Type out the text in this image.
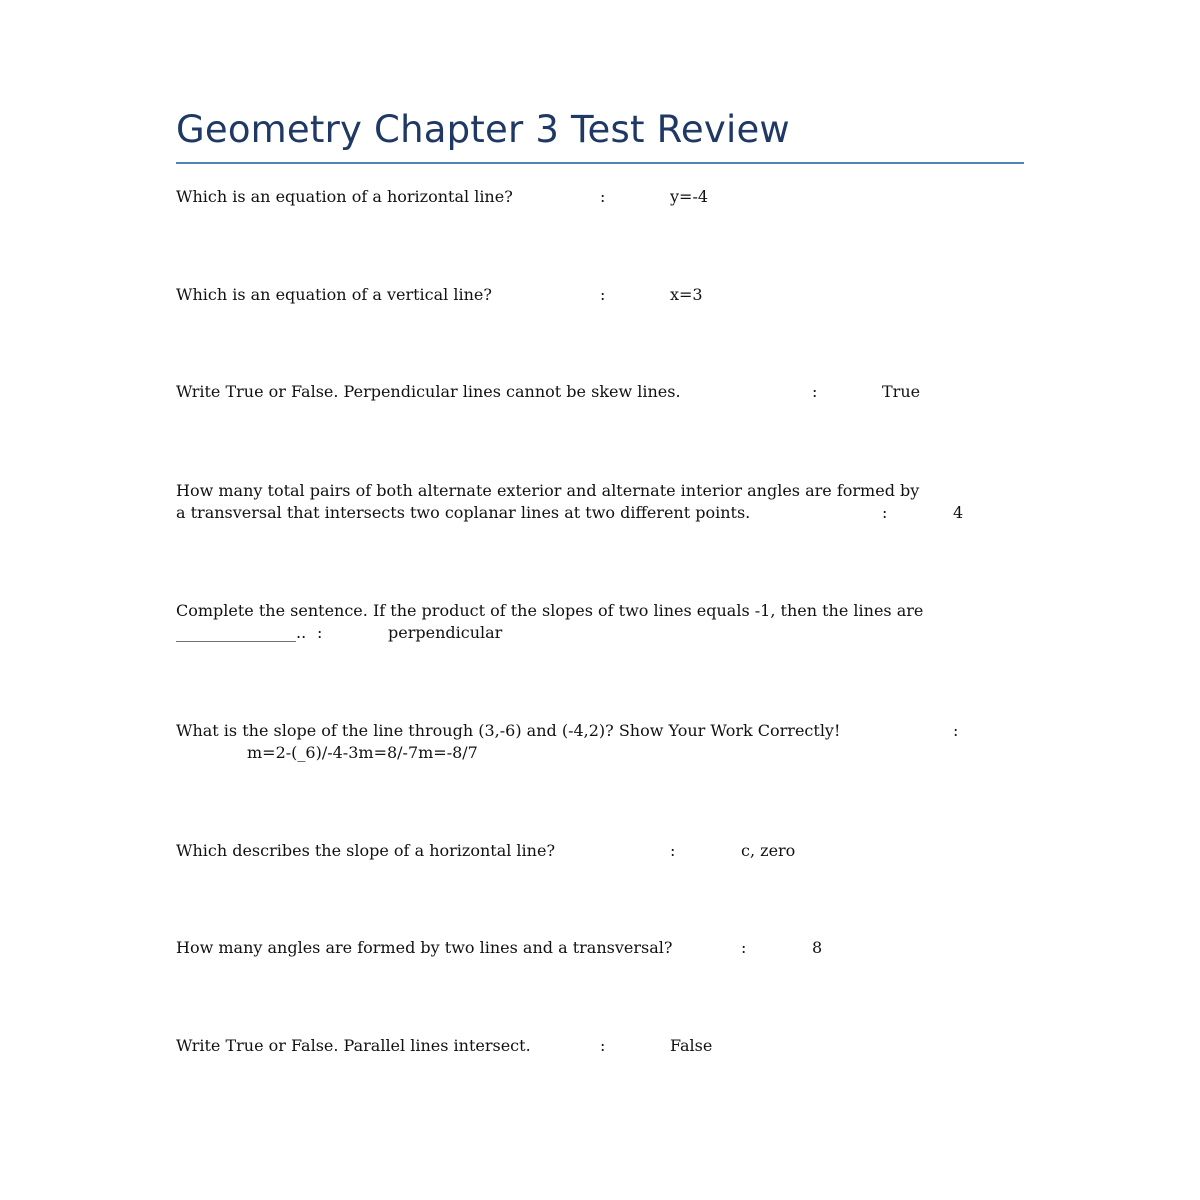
Geometry Chapter 3 Test Review
Which is an equation of a horizontal line?	:	y=-4
Which is an equation of a vertical line?	:	x=3
Write True or False. Perpendicular lines cannot be skew lines.	:	True
How many total pairs of both alternate exterior and alternate interior angles are formed by
a transversal that intersects two coplanar lines at two different points.	:	4
Complete the sentence. If the product of the slopes of two lines equals -1, then the lines are
_______________.. :	perpendicular
What is the slope of the line through (3,-6) and (-4,2)? Show Your Work Correctly!	:
m=2-(_6)/-4-3m=8/-7m=-8/7
Which describes the slope of a horizontal line?	:	c, zero
How many angles are formed by two lines and a transversal?	:	8
Write True or False. Parallel lines intersect.	:	False
